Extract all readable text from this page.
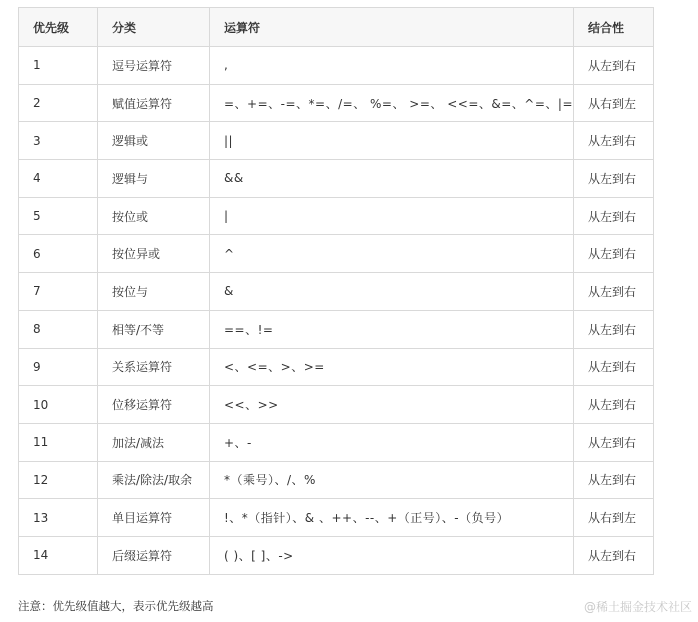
优先级	分类	运算符	结合性
1	逗号运算符	,	从左到右
2	赋值运算符	=、+=、-=、*=、/=、 %=、 >=、 <<=、&=、^=、|=	从右到左
3	逻辑或	||	从左到右
4	逻辑与	&&	从左到右
5	按位或	|	从左到右
6	按位异或	^	从左到右
7	按位与	&	从左到右
8	相等/不等	==、!=	从左到右
9	关系运算符	<、<=、>、>=	从左到右
10	位移运算符	<<、>>	从左到右
11	加法/减法	+、-	从左到右
12	乘法/除法/取余	*（乘号）、/、%	从左到右
13	单目运算符	!、*（指针）、& 、++、--、+（正号）、-（负号）	从右到左
14	后缀运算符	( )、[ ]、->	从左到右
注意：优先级值越大，表示优先级越高	@稀土掘金技术社区
